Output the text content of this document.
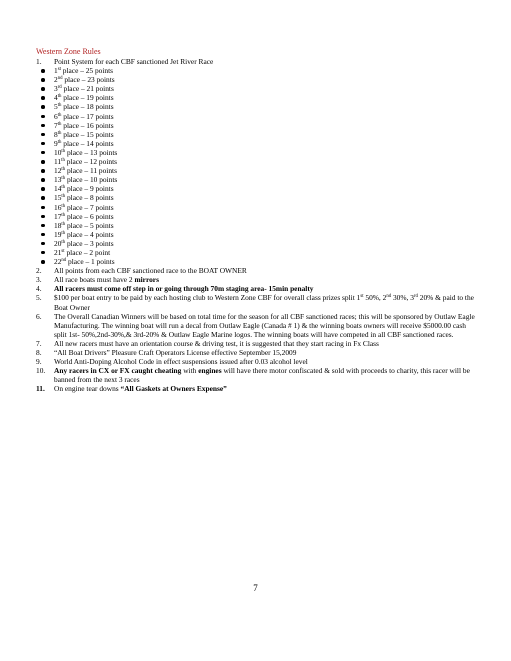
Western Zone Rules
1. Point System for each CBF sanctioned Jet River Race
1st place – 25 points
2nd place – 23 points
3rd place – 21 points
4th place – 19 points
5th place – 18 points
6th place – 17 points
7th place – 16 points
8th place – 15 points
9th place – 14 points
10th place – 13 points
11th place – 12 points
12th place – 11 points
13th place – 10 points
14th place – 9 points
15th place – 8 points
16th place – 7 points
17th place – 6 points
18th place – 5 points
19th place – 4 points
20th place – 3 points
21st place – 2 point
22nd place – 1 points
2. All points from each CBF sanctioned race to the BOAT OWNER
3. All race boats must have 2 mirrors
4. All racers must come off step in or going through 70m staging area- 15min penalty
5. $100 per boat entry to be paid by each hosting club to Western Zone CBF for overall class prizes split 1st 50%, 2nd 30%, 3rd 20% & paid to the Boat Owner
6. The Overall Canadian Winners will be based on total time for the season for all CBF sanctioned races; this will be sponsored by Outlaw Eagle Manufacturing. The winning boat will run a decal from Outlaw Eagle (Canada # 1) & the winning boats owners will receive $5000.00 cash split 1st- 50%,2nd-30%,& 3rd-20% & Outlaw Eagle Marine logos. The winning boats will have competed in all CBF sanctioned races.
7. All new racers must have an orientation course & driving test, it is suggested that they start racing in Fx Class
8. “All Boat Drivers” Pleasure Craft Operators License effective September 15,2009
9. World Anti-Doping Alcohol Code in effect suspensions issued after 0.03 alcohol level
10. Any racers in CX or FX caught cheating with engines will have there motor confiscated & sold with proceeds to charity, this racer will be banned from the next 3 races
11. On engine tear downs “All Gaskets at Owners Expense”
7
